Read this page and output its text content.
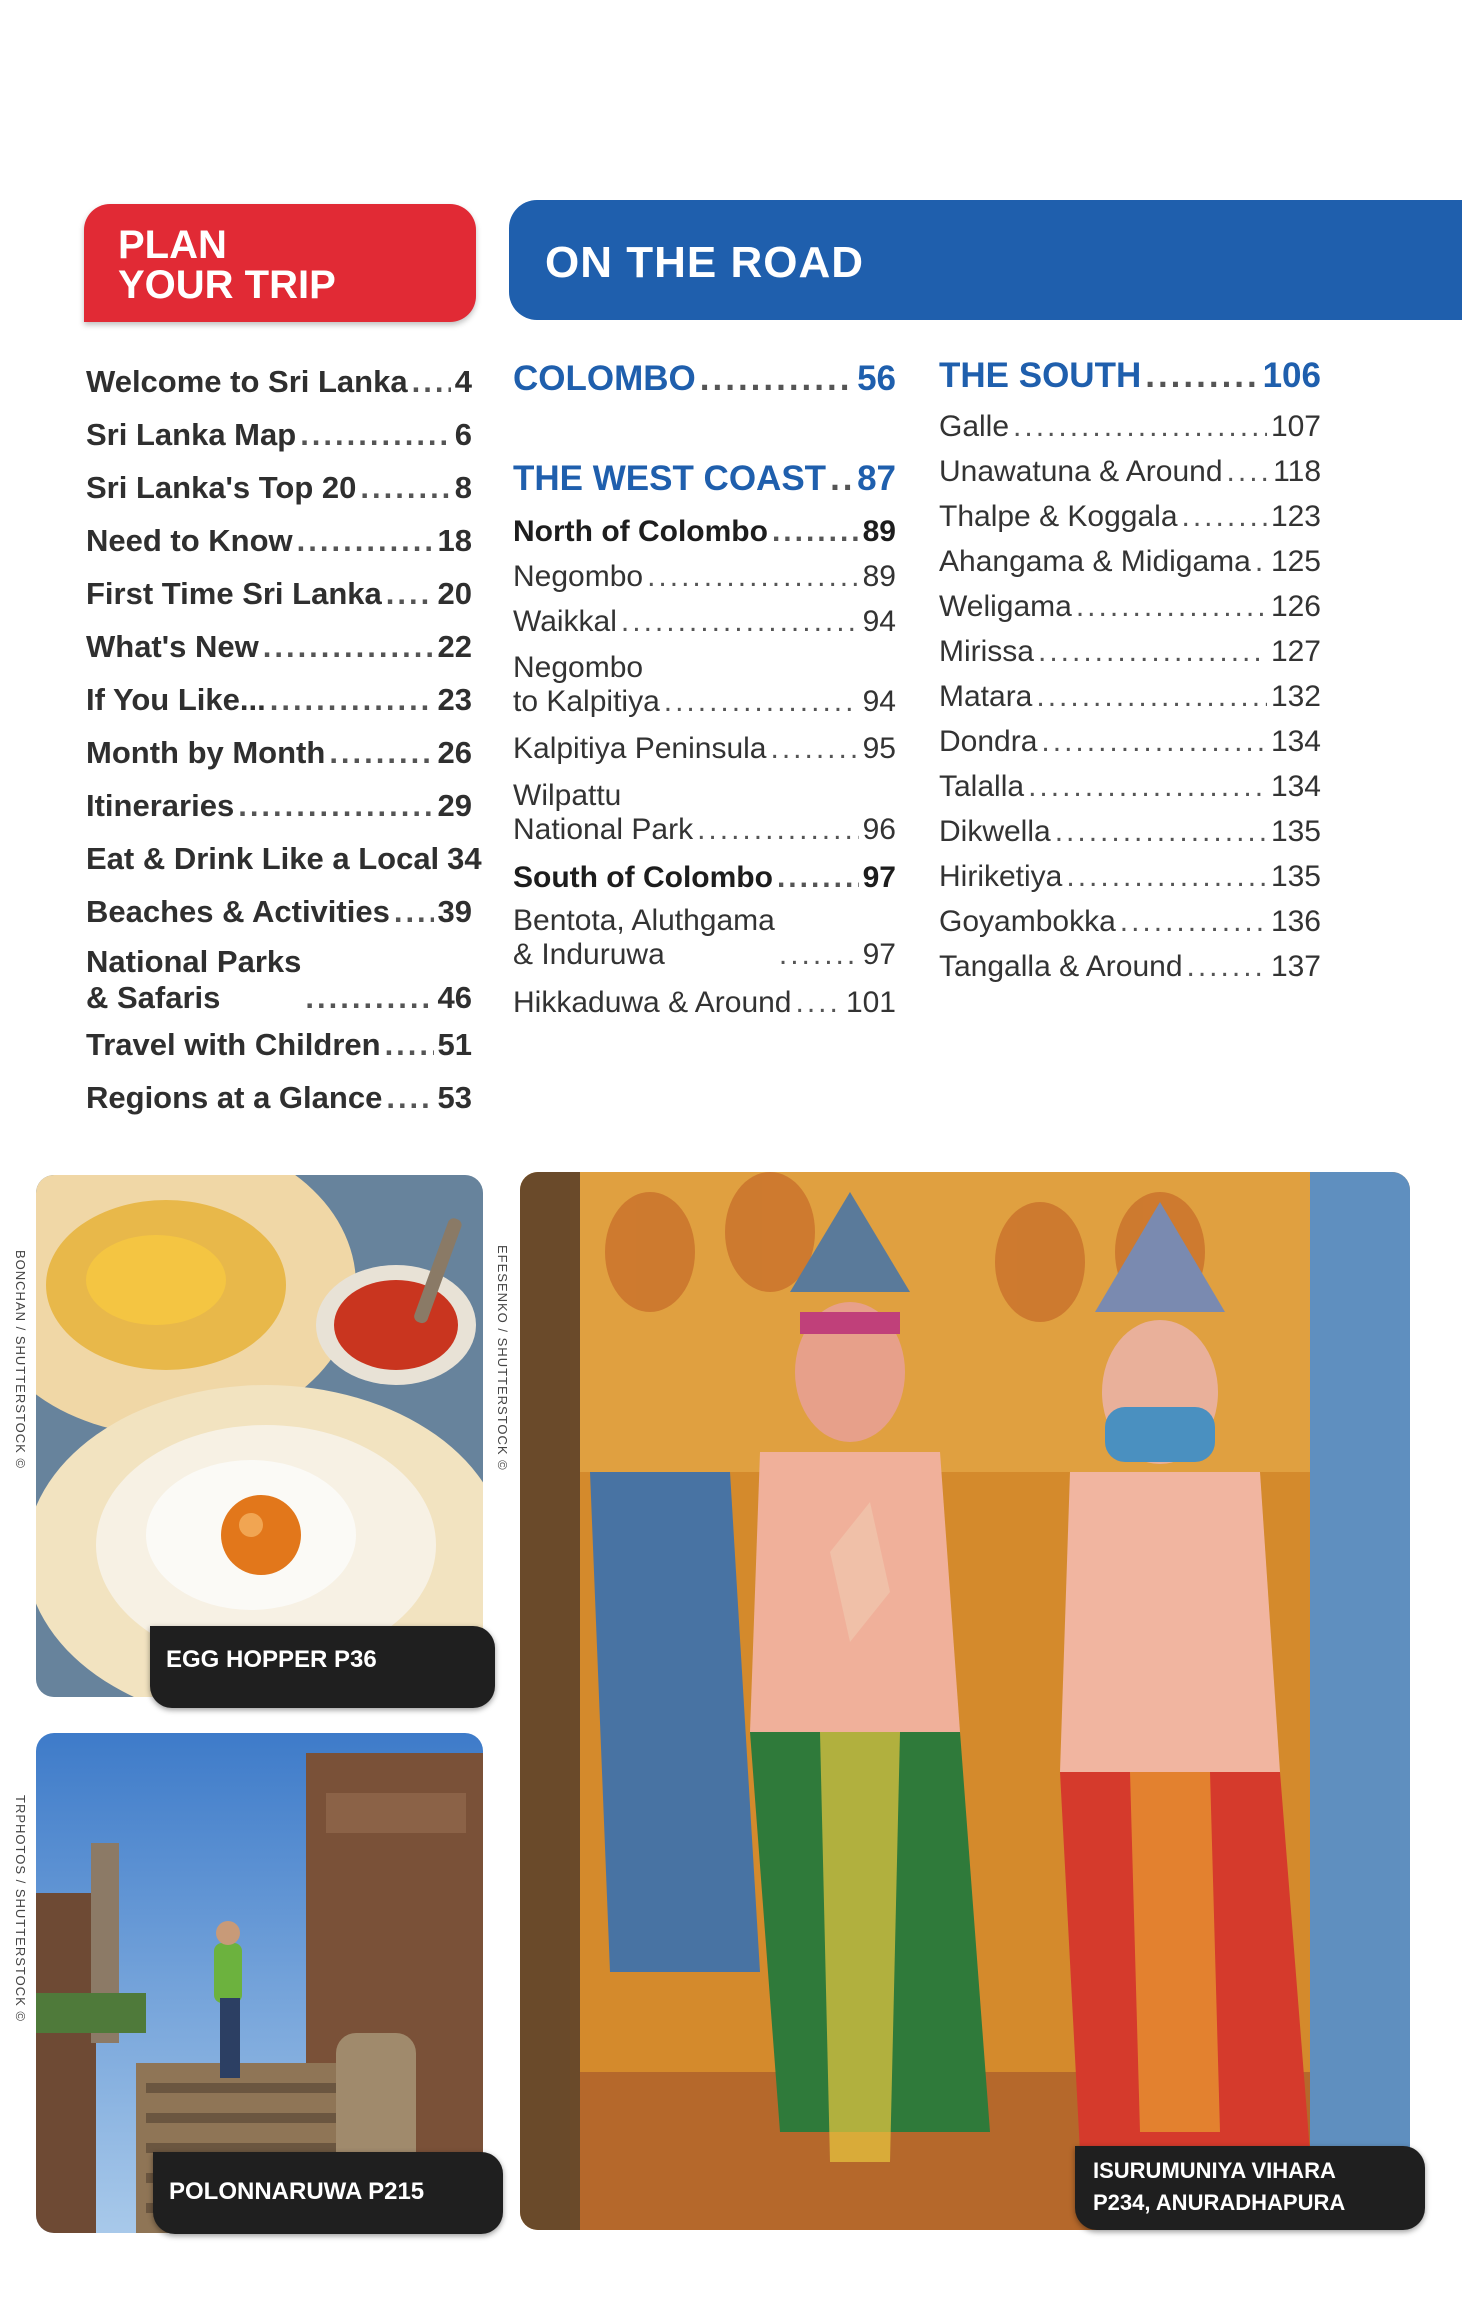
PLAN
YOUR TRIP	ON THE ROAD
Welcome to Sri Lanka ..... 4
Sri Lanka Map .....	6
Sri Lanka's Top 20 .....	8
Need to Know .....	18
First Time Sri Lanka ..... 20
What's New .....	22
If You Like... .....	23
Month by Month .....	26
Itineraries .....	29
Eat & Drink Like a Local 34
Beaches & Activities ..... 39
National Parks
& Safaris .....	46
Travel with Children ..... 51
Regions at a Glance ..... 53
COLOMBO .....	56
THE WEST COAST ..... 87
North of Colombo .....	89
Negombo .....	89
Waikkal .....	94
Negombo
to Kalpitiya .....	94
Kalpitiya Peninsula .....	95
Wilpattu
National Park .....	96
South of Colombo .....	97
Bentota, Aluthgama
& Induruwa .....	97
Hikkaduwa & Around ..... 101
THE SOUTH .....	106
Galle .....	107
Unawatuna & Around ..... 118
Thalpe & Koggala .....	123
Ahangama & Midigama ..... 125
Weligama .....	126
Mirissa .....	127
Matara .....	132
Dondra .....	134
Talalla .....	134
Dikwella .....	135
Hiriketiya .....	135
Goyambokka .....	136
Tangalla & Around .....	137
BONCHAN / SHUTTERSTOCK ©
TRPHOTOS / SHUTTERSTOCK ©
EFESENKO / SHUTTERSTOCK ©
EGG HOPPER P36
POLONNARUWA P215
ISURUMUNIYA VIHARA
P234, ANURADHAPURA
